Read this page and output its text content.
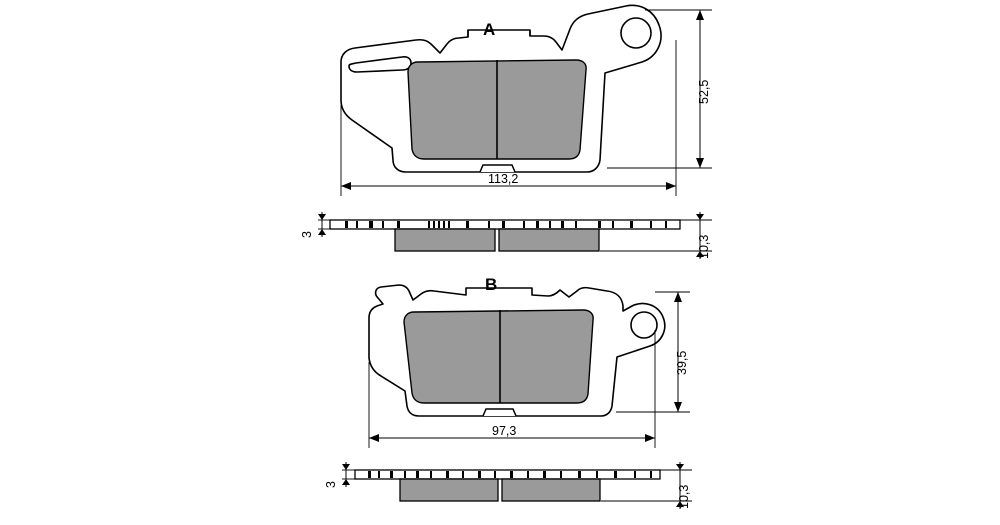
A
113,2
52,5
3
10,3
B
97,3
39,5
3
10,3
